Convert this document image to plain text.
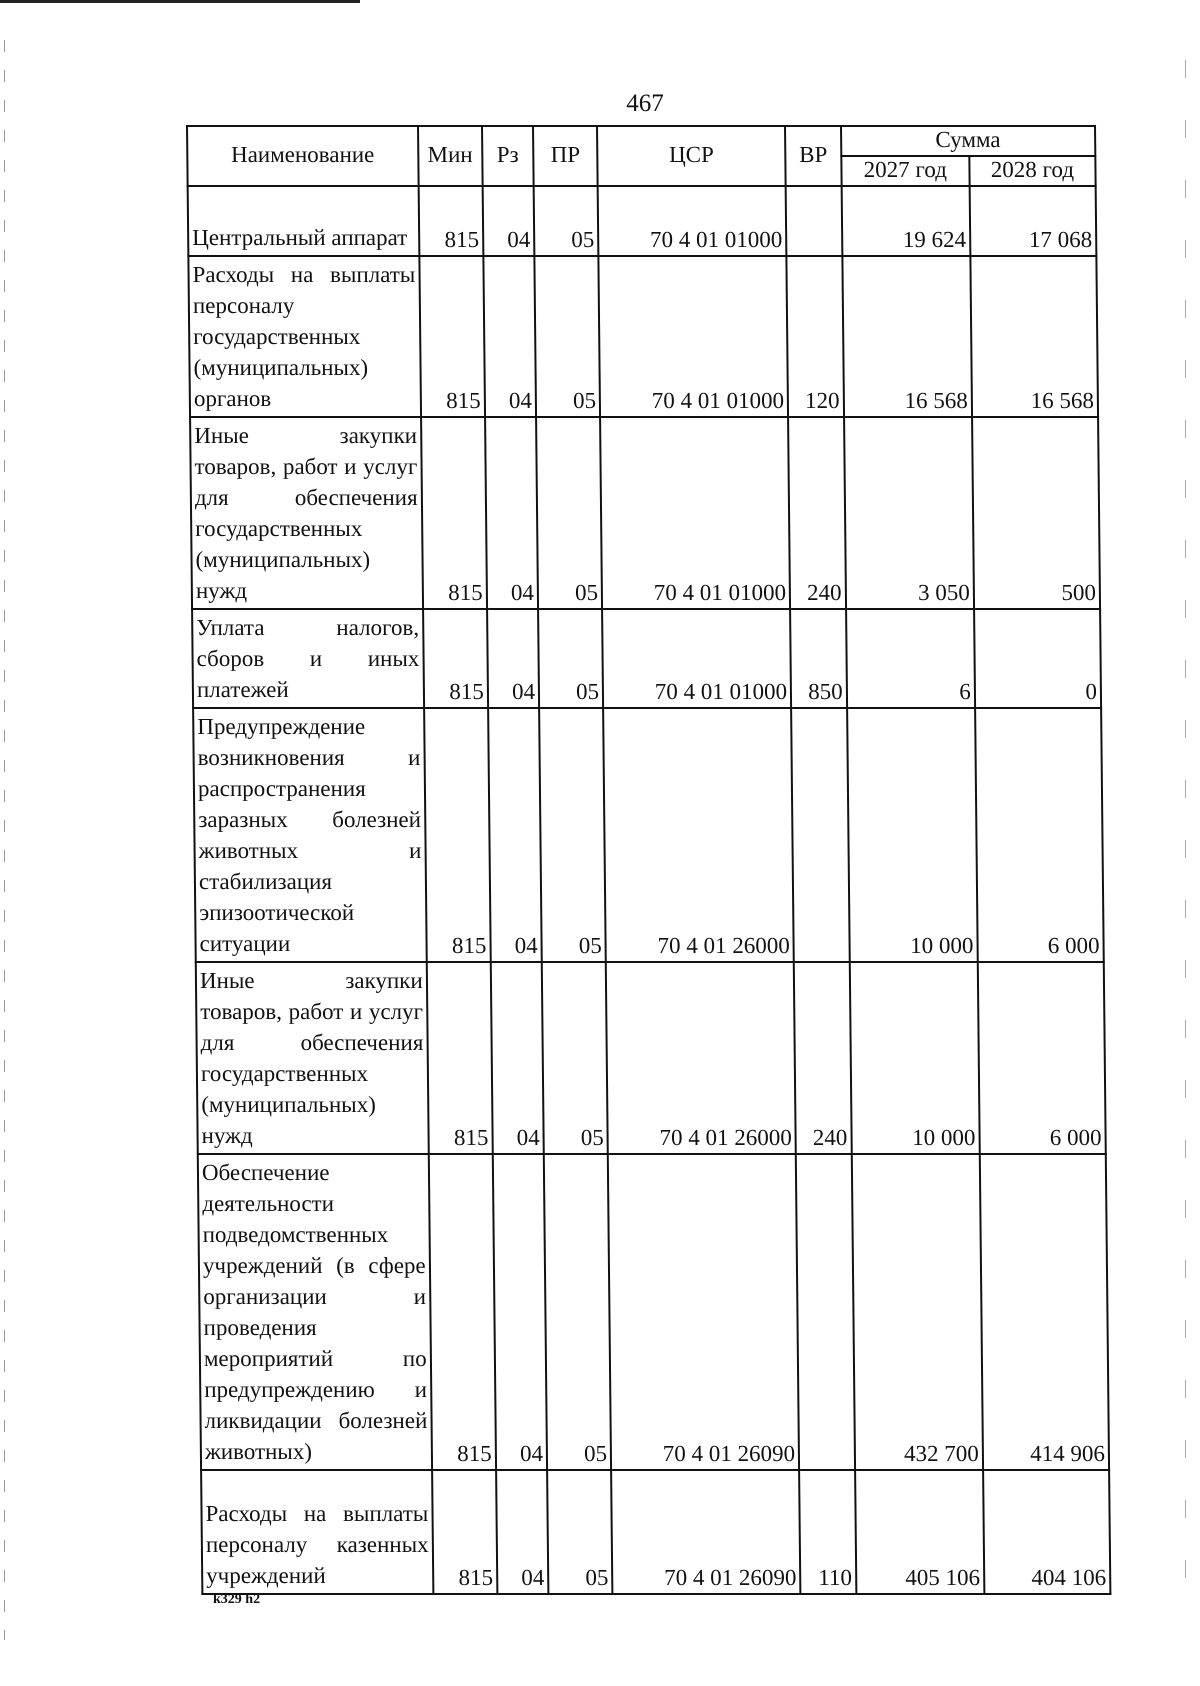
467
Наименование	Мин	Рз	ПР	ЦСР	ВР	Сумма	
						2027 год	2028 год

Центральный аппарат	815	04	05	70 4 01 01000		19 624	17 068
Расходы на выплаты персоналу государственных (муниципальных) органов	815	04	05	70 4 01 01000	120	16 568	16 568
Иные закупки товаров, работ и услуг для обеспечения государственных (муниципальных) нужд	815	04	05	70 4 01 01000	240	3 050	500
Уплата налогов, сборов и иных платежей	815	04	05	70 4 01 01000	850	6	0
Предупреждение возникновения и распространения заразных болезней животных и стабилизация эпизоотической ситуации	815	04	05	70 4 01 26000		10 000	6 000
Иные закупки товаров, работ и услуг для обеспечения государственных (муниципальных) нужд	815	04	05	70 4 01 26000	240	10 000	6 000
Обеспечение деятельности подведомственных учреждений (в сфере организации и проведения мероприятий по предупреждению и ликвидации болезней животных)	815	04	05	70 4 01 26090		432 700	414 906
Расходы на выплаты персоналу казенных учреждений	815	04	05	70 4 01 26090	110	405 106	404 106
k329 h2
